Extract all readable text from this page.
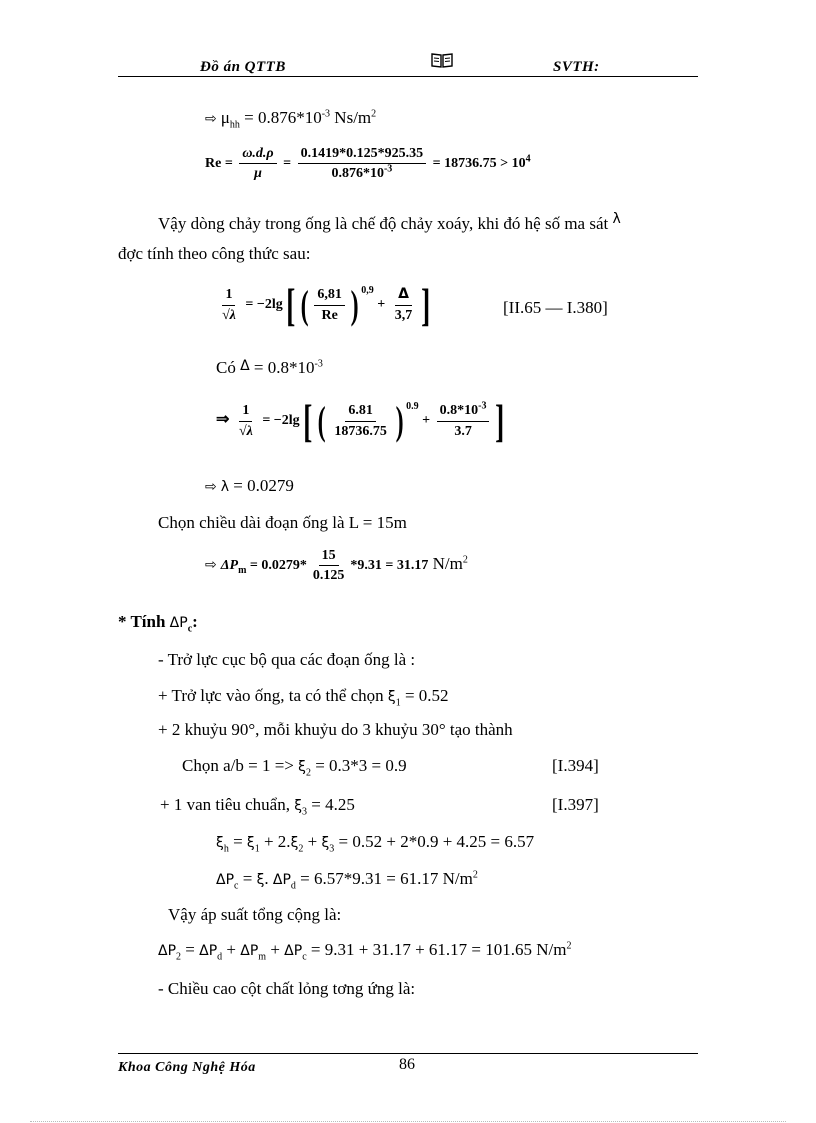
Đồ án QTTB	SVTH:
⇨ $\mu_{hh} = 0.876*10^{-3}$ $Ns/m^2$
$Re = \frac{\omega.d.\rho}{\mu} = \frac{0.1419*0.125*925.35}{0.876*10^{-3}} = 18736.75 > 10^4$
Vậy dòng chảy trong ống là chế độ chảy xoáy, khi đó hệ số ma sát $^\lambda$
đợc tính theo công thức sau:
$\frac{1}{√\lambda} = -2\lg$[ ( $\frac{6,81}{Re}$ ) $^{0,9} + \frac{\Delta}{3,7}$ ]	[II.65 — I.380]
Có $\Delta = 0.8*10^{-3}$
⇒ $\frac{1}{√\lambda} = -2\lg$[ ( $\frac{6.81}{18736.75}$ ) $^{0.9} + \frac{0.8*10^{-3}}{3.7}$ ]
⇨ λ = 0.0279
Chọn chiều dài đoạn ống là L = 15m
⇨ $\Delta P_m = 0.0279* \frac{15}{0.125} *9.31 = 31.17$ $N/m^2$
* Tính $\Delta P_c$:
- Trở lực cục bộ qua các đoạn ống là :
+ Trở lực vào ống, ta có thể chọn $\xi_1 = 0.52$
+ 2 khuỷu 90°, mỗi khuỷu do 3 khuỷu 30° tạo thành
Chọn $a/b = 1 => \xi_2 = 0.3*3 = 0.9$	[I.394]
+ 1 van tiêu chuẩn, $\xi_3 = 4.25$	[I.397]
$\xi_h = \xi_1 + 2.\xi_2 + \xi_3 = 0.52 + 2*0.9 + 4.25 = 6.57$
$\Delta P_c = \xi$. $\Delta P_d = 6.57*9.31 = 61.17$ $N/m^2$
Vậy áp suất tổng cộng là:
$\Delta P_2 = \Delta P_d + \Delta P_m + \Delta P_c = 9.31 + 31.17 + 61.17 = 101.65$ $N/m^2$
- Chiều cao cột chất lỏng tơng ứng là:
Khoa Công Nghệ Hóa	86
